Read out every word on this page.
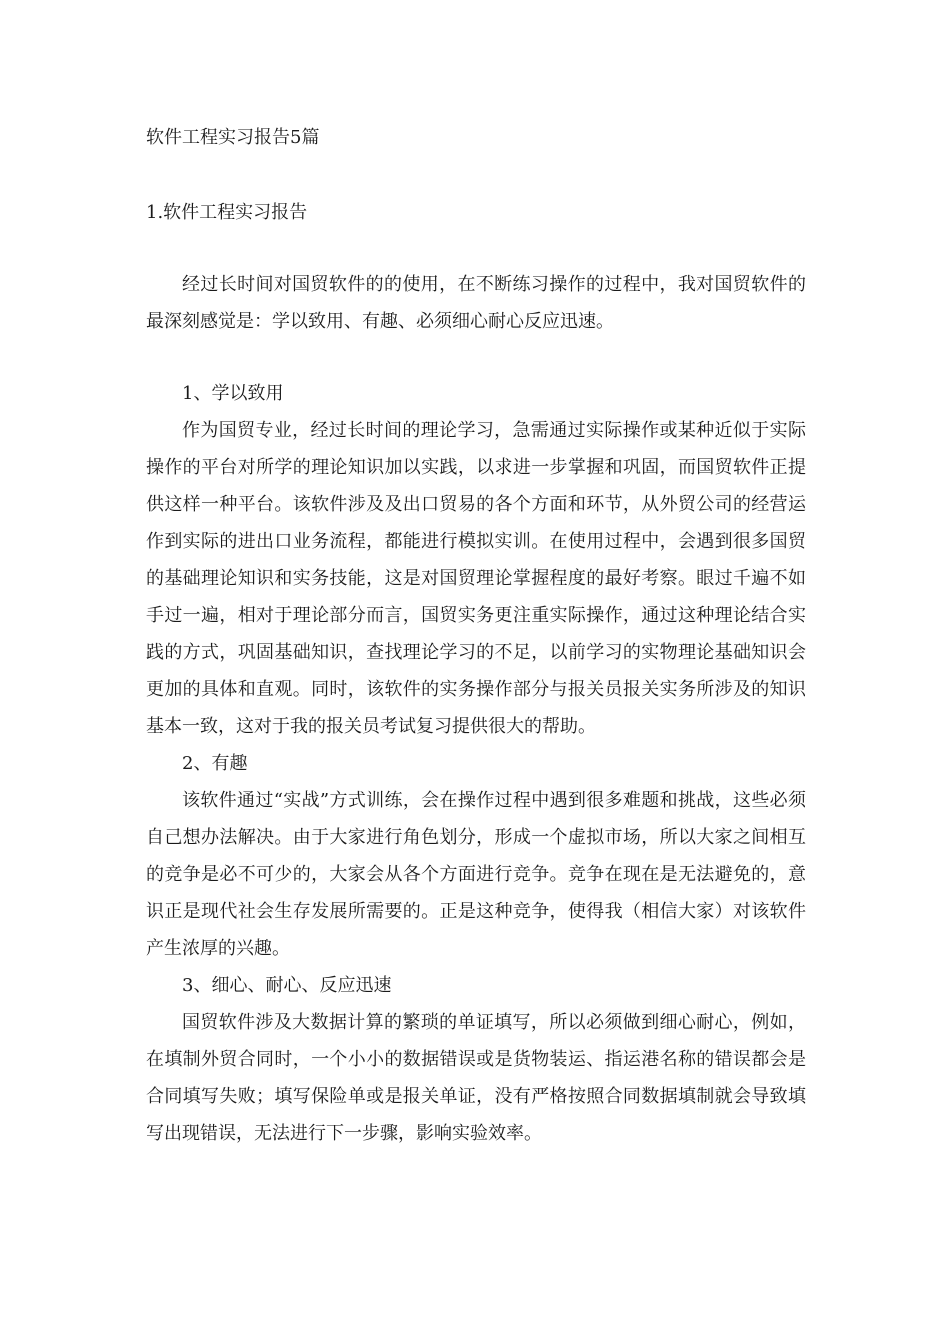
软件工程实习报告5篇
1.软件工程实习报告
经过长时间对国贸软件的的使用，在不断练习操作的过程中，我对国贸软件的最深刻感觉是：学以致用、有趣、必须细心耐心反应迅速。

1、学以致用

作为国贸专业，经过长时间的理论学习，急需通过实际操作或某种近似于实际操作的平台对所学的理论知识加以实践，以求进一步掌握和巩固，而国贸软件正提供这样一种平台。该软件涉及及出口贸易的各个方面和环节，从外贸公司的经营运作到实际的进出口业务流程，都能进行模拟实训。在使用过程中，会遇到很多国贸的基础理论知识和实务技能，这是对国贸理论掌握程度的最好考察。眼过千遍不如手过一遍，相对于理论部分而言，国贸实务更注重实际操作，通过这种理论结合实践的方式，巩固基础知识，查找理论学习的不足，以前学习的实物理论基础知识会更加的具体和直观。同时，该软件的实务操作部分与报关员报关实务所涉及的知识基本一致，这对于我的报关员考试复习提供很大的帮助。

2、有趣

该软件通过“实战”方式训练，会在操作过程中遇到很多难题和挑战，这些必须自己想办法解决。由于大家进行角色划分，形成一个虚拟市场，所以大家之间相互的竞争是必不可少的，大家会从各个方面进行竞争。竞争在现在是无法避免的，意识正是现代社会生存发展所需要的。正是这种竞争，使得我（相信大家）对该软件产生浓厚的兴趣。

3、细心、耐心、反应迅速

国贸软件涉及大数据计算的繁琐的单证填写，所以必须做到细心耐心，例如，在填制外贸合同时，一个小小的数据错误或是货物装运、指运港名称的错误都会是合同填写失败；填写保险单或是报关单证，没有严格按照合同数据填制就会导致填写出现错误，无法进行下一步骤，影响实验效率。
